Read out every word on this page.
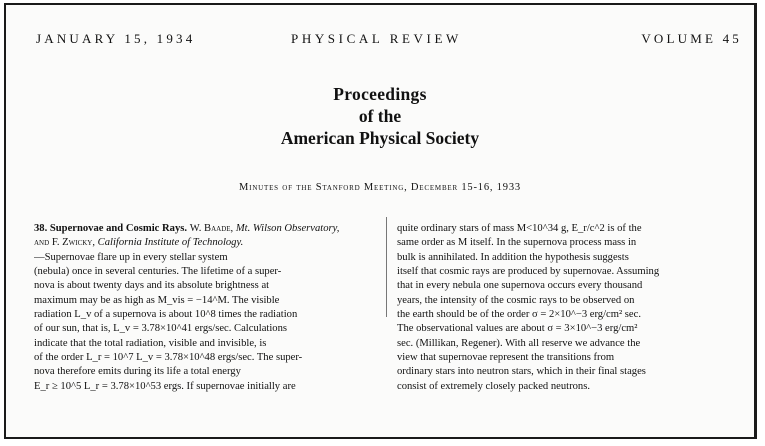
JANUARY 15, 1934	PHYSICAL REVIEW	VOLUME 45

Proceedings

of the

American Physical Society

Minutes of the Stanford Meeting, December 15-16, 1933
38. Supernovae and Cosmic Rays. W. Baade, Mt. Wilson Observatory,
and F. Zwicky, California Institute of Technology.
—Supernovae flare up in every stellar system
(nebula) once in several centuries. The lifetime of a super-
nova is about twenty days and its absolute brightness at
maximum may be as high as M_vis = −14^M. The visible
radiation L_v of a supernova is about 10^8 times the radiation
of our sun, that is, L_v = 3.78×10^41 ergs/sec. Calculations
indicate that the total radiation, visible and invisible, is
of the order L_r = 10^7 L_v = 3.78×10^48 ergs/sec. The super-
nova therefore emits during its life a total energy
E_r ≥ 10^5 L_r = 3.78×10^53 ergs. If supernovae initially are
quite ordinary stars of mass M<10^34 g, E_r/c^2 is of the
same order as M itself. In the supernova process mass in
bulk is annihilated. In addition the hypothesis suggests
itself that cosmic rays are produced by supernovae. Assuming
that in every nebula one supernova occurs every thousand
years, the intensity of the cosmic rays to be observed on
the earth should be of the order σ = 2×10^−3 erg/cm² sec.
The observational values are about σ = 3×10^−3 erg/cm²
sec. (Millikan, Regener). With all reserve we advance the
view that supernovae represent the transitions from
ordinary stars into neutron stars, which in their final stages
consist of extremely closely packed neutrons.
